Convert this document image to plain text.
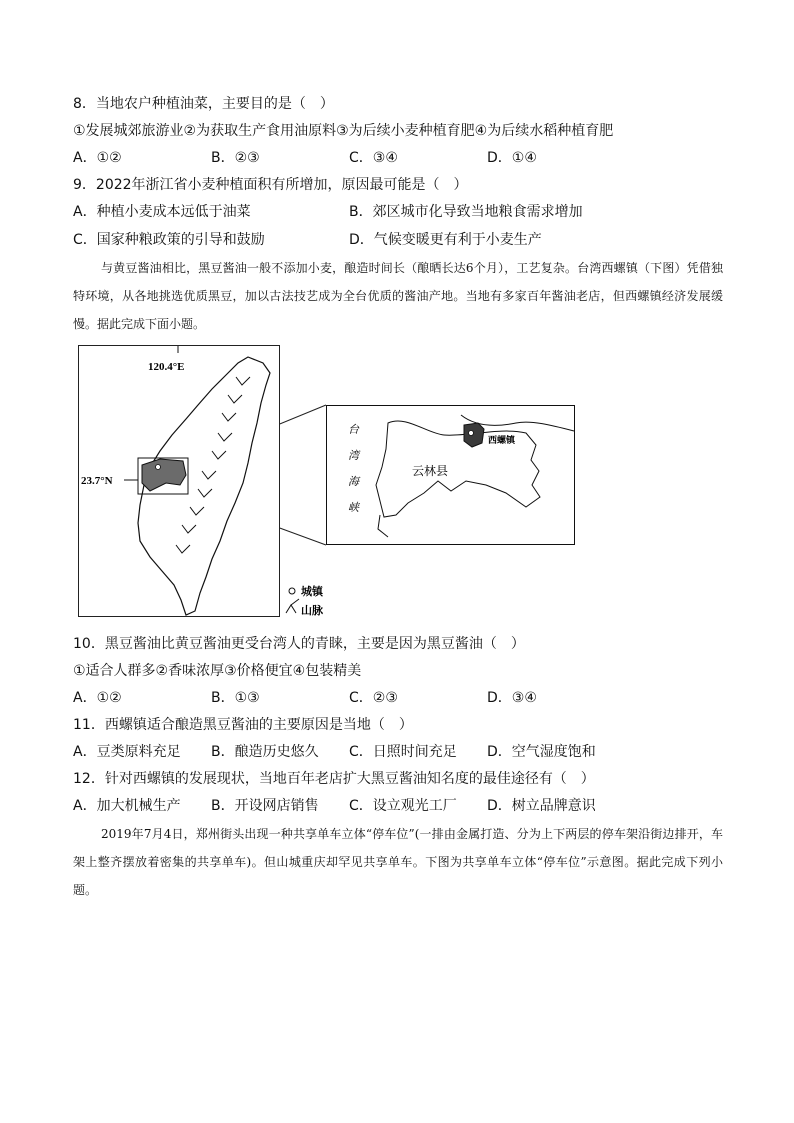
8．当地农户种植油菜，主要目的是（　）
①发展城郊旅游业②为获取生产食用油原料③为后续小麦种植育肥④为后续水稻种植育肥
A．①②	B．②③	C．③④	D．①④
9．2022年浙江省小麦种植面积有所增加，原因最可能是（　）
A．种植小麦成本远低于油菜	B．郊区城市化导致当地粮食需求增加
C．国家种粮政策的引导和鼓励	D．气候变暖更有利于小麦生产
与黄豆酱油相比，黑豆酱油一般不添加小麦，酿造时间长（酿晒长达6个月），工艺复杂。台湾西螺镇（下图）凭借独特环境，从各地挑选优质黑豆，加以古法技艺成为全台优质的酱油产地。当地有多家百年酱油老店，但西螺镇经济发展缓慢。据此完成下面小题。
120.4°E
23.7°N
城镇
山脉
西螺镇
云林县
台
湾
海
峡
10．黑豆酱油比黄豆酱油更受台湾人的青睐，主要是因为黑豆酱油（　）
①适合人群多②香味浓厚③价格便宜④包装精美
A．①②	B．①③	C．②③	D．③④
11．西螺镇适合酿造黑豆酱油的主要原因是当地（　）
A．豆类原料充足 B．酿造历史悠久 C．日照时间充足 D．空气湿度饱和
12．针对西螺镇的发展现状，当地百年老店扩大黑豆酱油知名度的最佳途径有（　）
A．加大机械生产 B．开设网店销售 C．设立观光工厂 D．树立品牌意识
2019年7月4日，郑州街头出现一种共享单车立体“停车位”(一排由金属打造、分为上下两层的停车架沿街边排开，车架上整齐摆放着密集的共享单车)。但山城重庆却罕见共享单车。下图为共享单车立体“停车位”示意图。据此完成下列小题。
